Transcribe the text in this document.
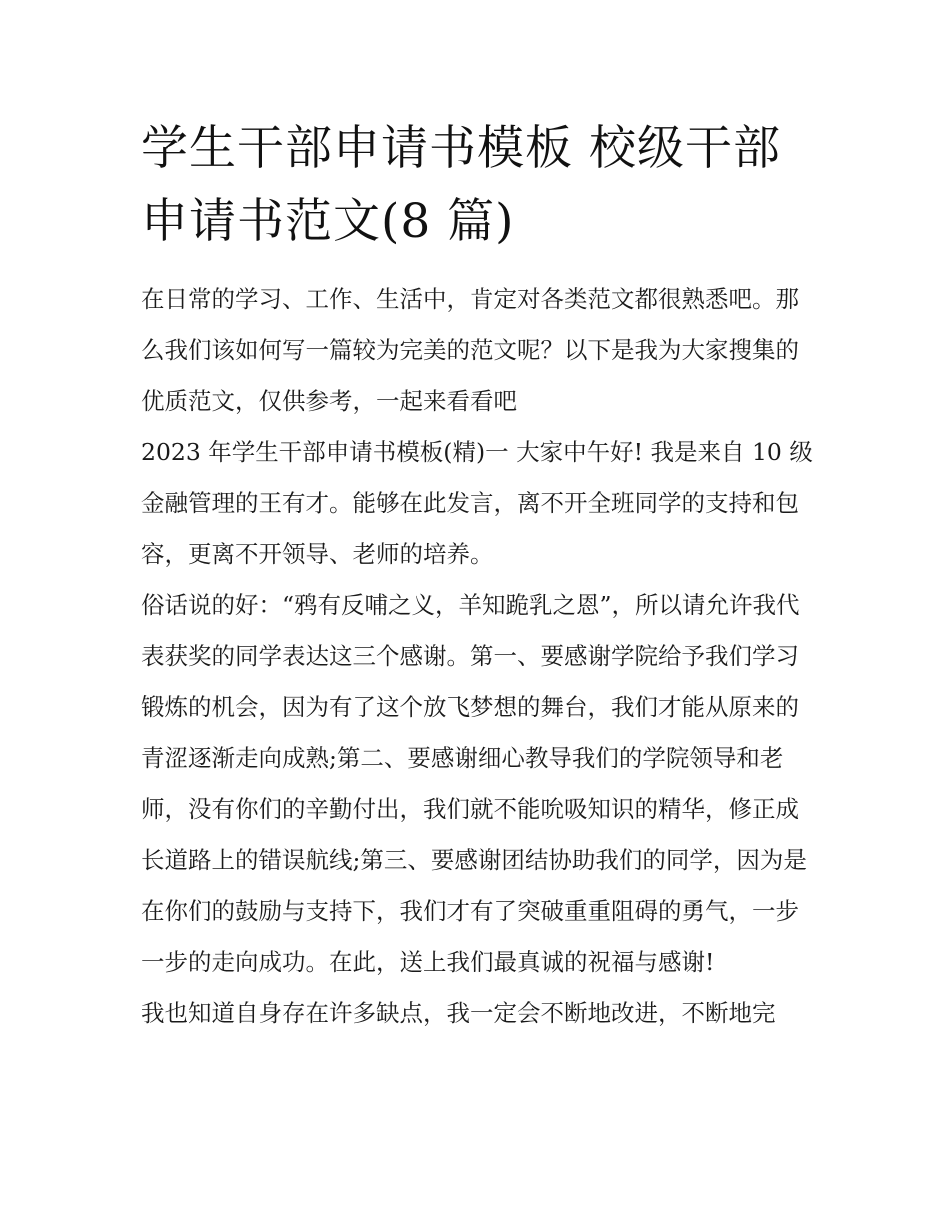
学生干部申请书模板 校级干部申请书范文(8 篇)

在日常的学习、工作、生活中，肯定对各类范文都很熟悉吧。那么我们该如何写一篇较为完美的范文呢？以下是我为大家搜集的优质范文，仅供参考，一起来看看吧

2023 年学生干部申请书模板(精)一 大家中午好! 我是来自 10 级金融管理的王有才。能够在此发言，离不开全班同学的支持和包容，更离不开领导、老师的培养。

俗话说的好：“鸦有反哺之义，羊知跪乳之恩”，所以请允许我代表获奖的同学表达这三个感谢。第一、要感谢学院给予我们学习锻炼的机会，因为有了这个放飞梦想的舞台，我们才能从原来的青涩逐渐走向成熟;第二、要感谢细心教导我们的学院领导和老师，没有你们的辛勤付出，我们就不能吮吸知识的精华，修正成长道路上的错误航线;第三、要感谢团结协助我们的同学，因为是在你们的鼓励与支持下，我们才有了突破重重阻碍的勇气，一步一步的走向成功。在此，送上我们最真诚的祝福与感谢!

我也知道自身存在许多缺点，我一定会不断地改进，不断地完
